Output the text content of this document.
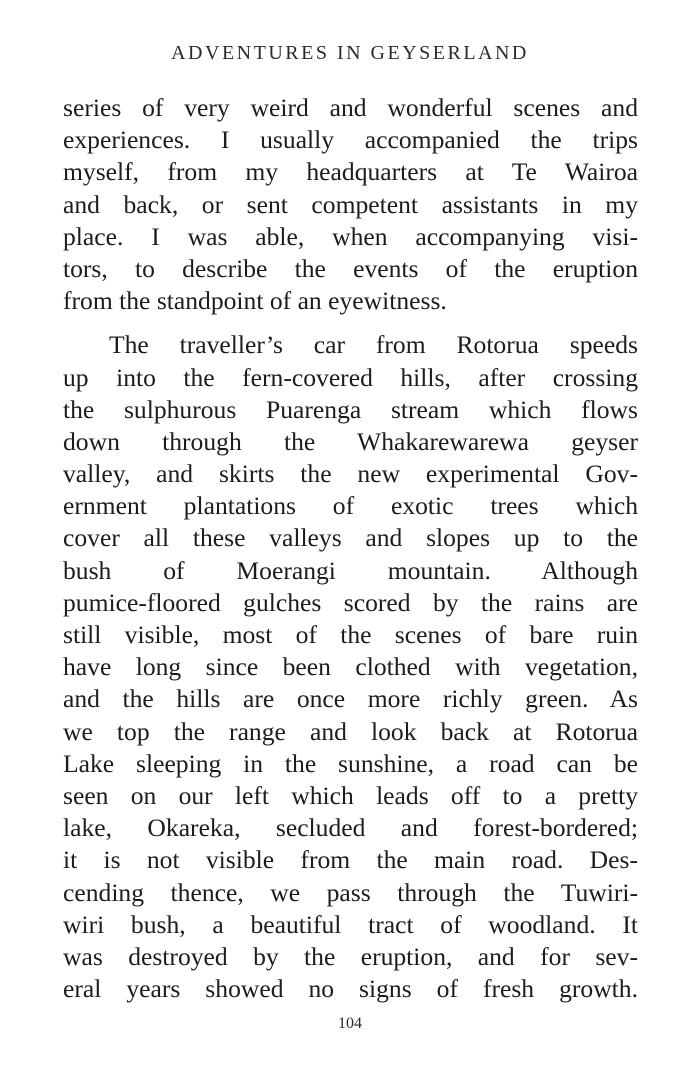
ADVENTURES IN GEYSERLAND
series of very weird and wonderful scenes and
experiences. I usually accompanied the trips
myself, from my headquarters at Te Wairoa
and back, or sent competent assistants in my
place. I was able, when accompanying visi-
tors, to describe the events of the eruption
from the standpoint of an eyewitness.
The traveller’s car from Rotorua speeds
up into the fern-covered hills, after crossing
the sulphurous Puarenga stream which flows
down through the Whakarewarewa geyser
valley, and skirts the new experimental Gov-
ernment plantations of exotic trees which
cover all these valleys and slopes up to the
bush of Moerangi mountain. Although
pumice-floored gulches scored by the rains are
still visible, most of the scenes of bare ruin
have long since been clothed with vegetation,
and the hills are once more richly green. As
we top the range and look back at Rotorua
Lake sleeping in the sunshine, a road can be
seen on our left which leads off to a pretty
lake, Okareka, secluded and forest-bordered;
it is not visible from the main road. Des-
cending thence, we pass through the Tuwiri-
wiri bush, a beautiful tract of woodland. It
was destroyed by the eruption, and for sev-
eral years showed no signs of fresh growth.
104
